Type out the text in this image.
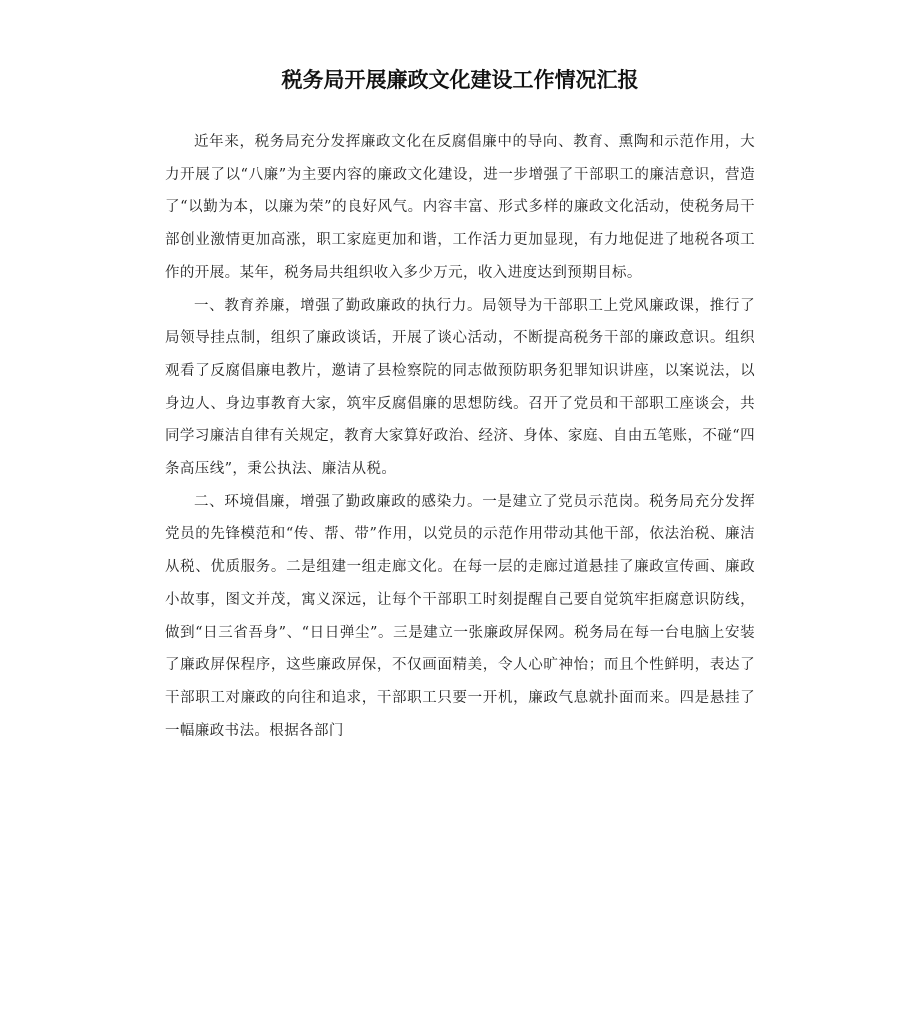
税务局开展廉政文化建设工作情况汇报

近年来，税务局充分发挥廉政文化在反腐倡廉中的导向、教育、熏陶和示范作用，大力开展了以“八廉”为主要内容的廉政文化建设，进一步增强了干部职工的廉洁意识，营造了“以勤为本，以廉为荣”的良好风气。内容丰富、形式多样的廉政文化活动，使税务局干部创业激情更加高涨，职工家庭更加和谐，工作活力更加显现，有力地促进了地税各项工作的开展。某年，税务局共组织收入多少万元，收入进度达到预期目标。

一、教育养廉，增强了勤政廉政的执行力。局领导为干部职工上党风廉政课，推行了局领导挂点制，组织了廉政谈话，开展了谈心活动，不断提高税务干部的廉政意识。组织观看了反腐倡廉电教片，邀请了县检察院的同志做预防职务犯罪知识讲座，以案说法，以身边人、身边事教育大家，筑牢反腐倡廉的思想防线。召开了党员和干部职工座谈会，共同学习廉洁自律有关规定，教育大家算好政治、经济、身体、家庭、自由五笔账，不碰“四条高压线”，秉公执法、廉洁从税。

二、环境倡廉，增强了勤政廉政的感染力。一是建立了党员示范岗。税务局充分发挥党员的先锋模范和“传、帮、带”作用，以党员的示范作用带动其他干部，依法治税、廉洁从税、优质服务。二是组建一组走廊文化。在每一层的走廊过道悬挂了廉政宣传画、廉政小故事，图文并茂，寓义深远，让每个干部职工时刻提醒自己要自觉筑牢拒腐意识防线，做到“日三省吾身”、“日日弹尘”。三是建立一张廉政屏保网。税务局在每一台电脑上安装了廉政屏保程序，这些廉政屏保，不仅画面精美，令人心旷神怡；而且个性鲜明，表达了干部职工对廉政的向往和追求，干部职工只要一开机，廉政气息就扑面而来。四是悬挂了一幅廉政书法。根据各部门
